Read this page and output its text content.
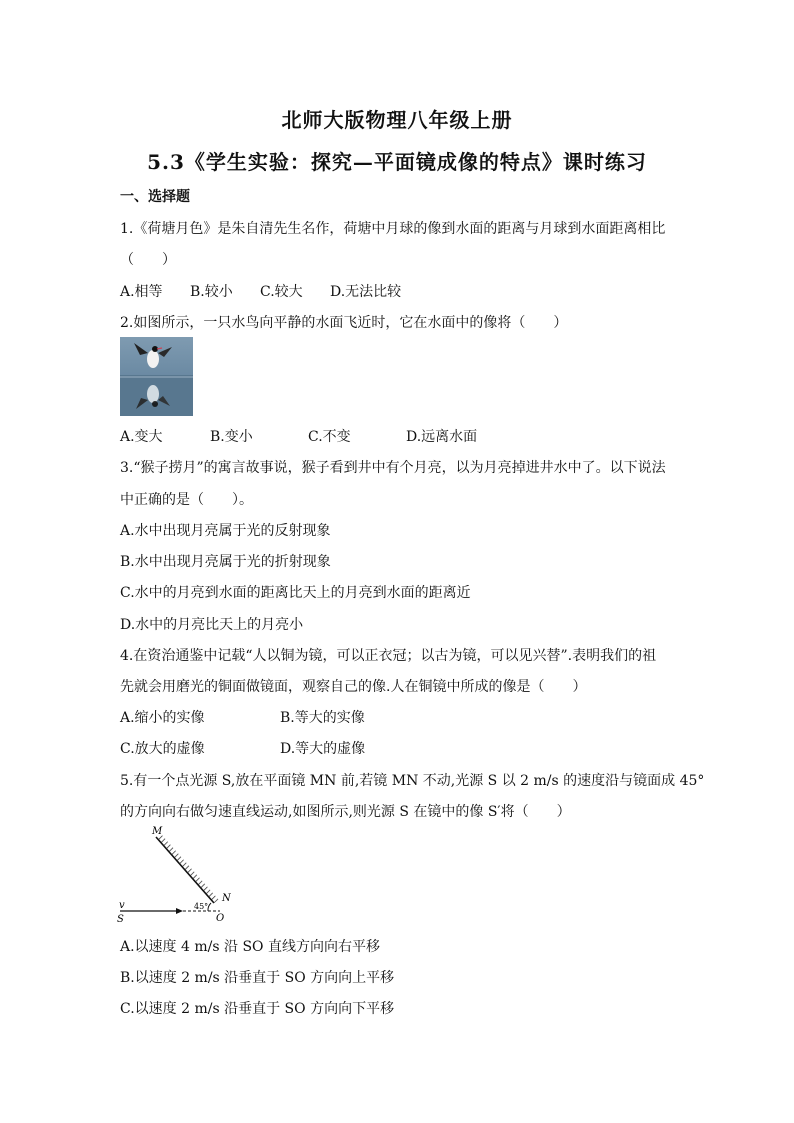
北师大版物理八年级上册
5.3《学生实验：探究—平面镜成像的特点》课时练习
一、选择题
1.《荷塘月色》是朱自清先生名作，荷塘中月球的像到水面的距离与月球到水面距离相比
（　　）
A.相等 B.较小 C.较大 D.无法比较
2.如图所示，一只水鸟向平静的水面飞近时，它在水面中的像将（　　）
A.变大	B.变小	C.不变	D.远离水面
3.“猴子捞月”的寓言故事说，猴子看到井中有个月亮，以为月亮掉进井水中了。以下说法
中正确的是（　　）。
A.水中出现月亮属于光的反射现象
B.水中出现月亮属于光的折射现象
C.水中的月亮到水面的距离比天上的月亮到水面的距离近
D.水中的月亮比天上的月亮小
4.在资治通鉴中记载“人以铜为镜，可以正衣冠；以古为镜，可以见兴替”.表明我们的祖
先就会用磨光的铜面做镜面，观察自己的像.人在铜镜中所成的像是（　　）
A.缩小的实像	B.等大的实像
C.放大的虚像	D.等大的虚像
5.有一个点光源 S,放在平面镜 MN 前,若镜 MN 不动,光源 S 以 2 m/s 的速度沿与镜面成 45°
的方向向右做匀速直线运动,如图所示,则光源 S 在镜中的像 S′将（　　）
M
N
O
S
v	45°
A.以速度 4 m/s 沿 SO 直线方向向右平移
B.以速度 2 m/s 沿垂直于 SO 方向向上平移
C.以速度 2 m/s 沿垂直于 SO 方向向下平移
